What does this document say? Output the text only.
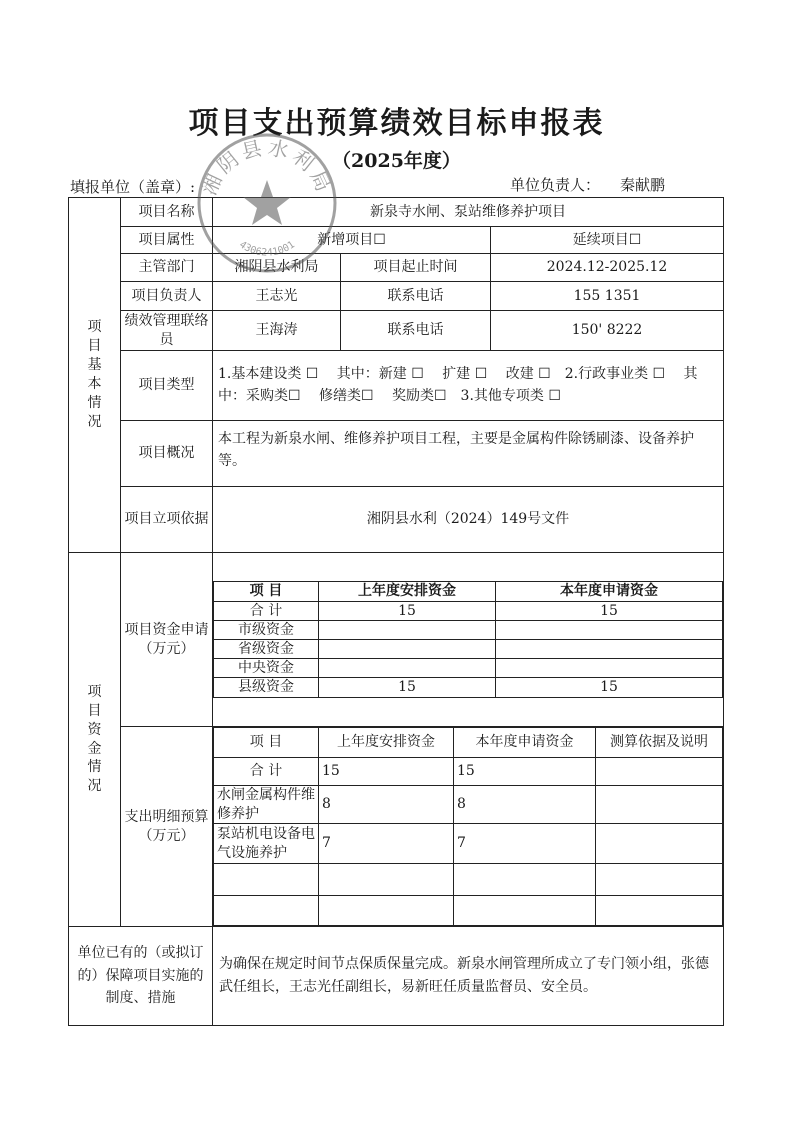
项目支出预算绩效目标申报表
（2025年度）
填报单位（盖章）:	单位负责人： 秦献鹏
项目基本情况	项目名称	新泉寺水闸、泵站维修养护项目
项目属性	新增项目☐	延续项目☐
主管部门	湘阴县水利局	项目起止时间	2024.12-2025.12
项目负责人	王志光	联系电话	155 1351
绩效管理联络员	王海涛	联系电话	150' 8222
项目类型	1.基本建设类 ☐　 其中：新建 ☐　 扩建 ☐　 改建 ☐　2.行政事业类 ☐　 其中：采购类☐　 修缮类☐　 奖励类☐　3.其他专项类 ☐
项目概况	本工程为新泉水闸、维修养护项目工程，主要是金属构件除锈刷漆、设备养护等。
项目立项依据	湘阴县水利（2024）149号文件
项目资金情况	项目资金申请（万元）	
项 目	上年度安排资金	本年度申请资金
合 计	15	15
市级资金		
省级资金		
中央资金		
县级资金	15	15

支出明细预算（万元）	
项 目	上年度安排资金	本年度申请资金	测算依据及说明
合 计	15	15	
水闸金属构件维修养护	8	8	
泵站机电设备电气设施养护	7	7	

单位已有的（或拟订的）保障项目实施的制度、措施	为确保在规定时间节点保质保量完成。新泉水闸管理所成立了专门领小组，张德武任组长，王志光任副组长，易新旺任质量监督员、安全员。
湘阴县水利局
4306241001
